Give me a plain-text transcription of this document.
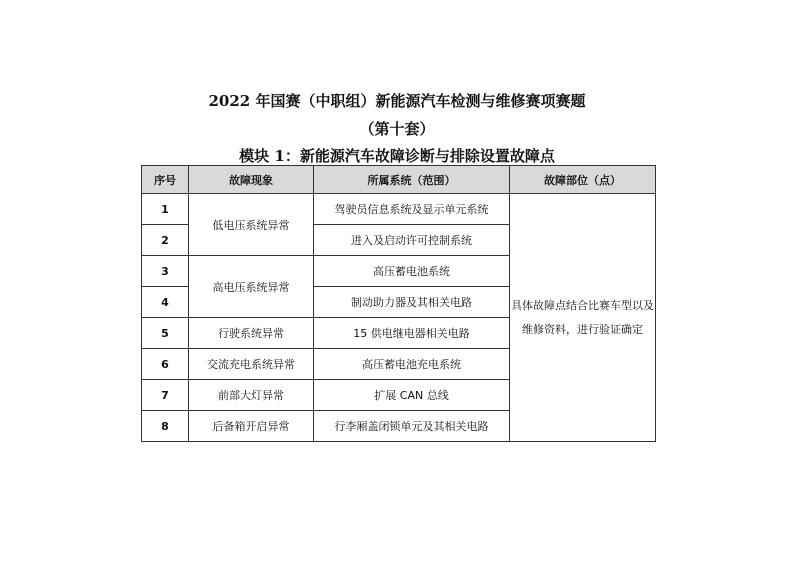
2022 年国赛（中职组）新能源汽车检测与维修赛项赛题
（第十套）
模块 1：新能源汽车故障诊断与排除设置故障点
序号	故障现象	所属系统（范围）	故障部位（点）
1	低电压系统异常	驾驶员信息系统及显示单元系统	具体故障点结合比赛车型以及维修资料，进行验证确定
2		进入及启动许可控制系统	
3	高电压系统异常	高压蓄电池系统	
4		制动助力器及其相关电路	
5	行驶系统异常	15 供电继电器相关电路	
6	交流充电系统异常	高压蓄电池充电系统	
7	前部大灯异常	扩展 CAN 总线	
8	后备箱开启异常	行李厢盖闭锁单元及其相关电路	
